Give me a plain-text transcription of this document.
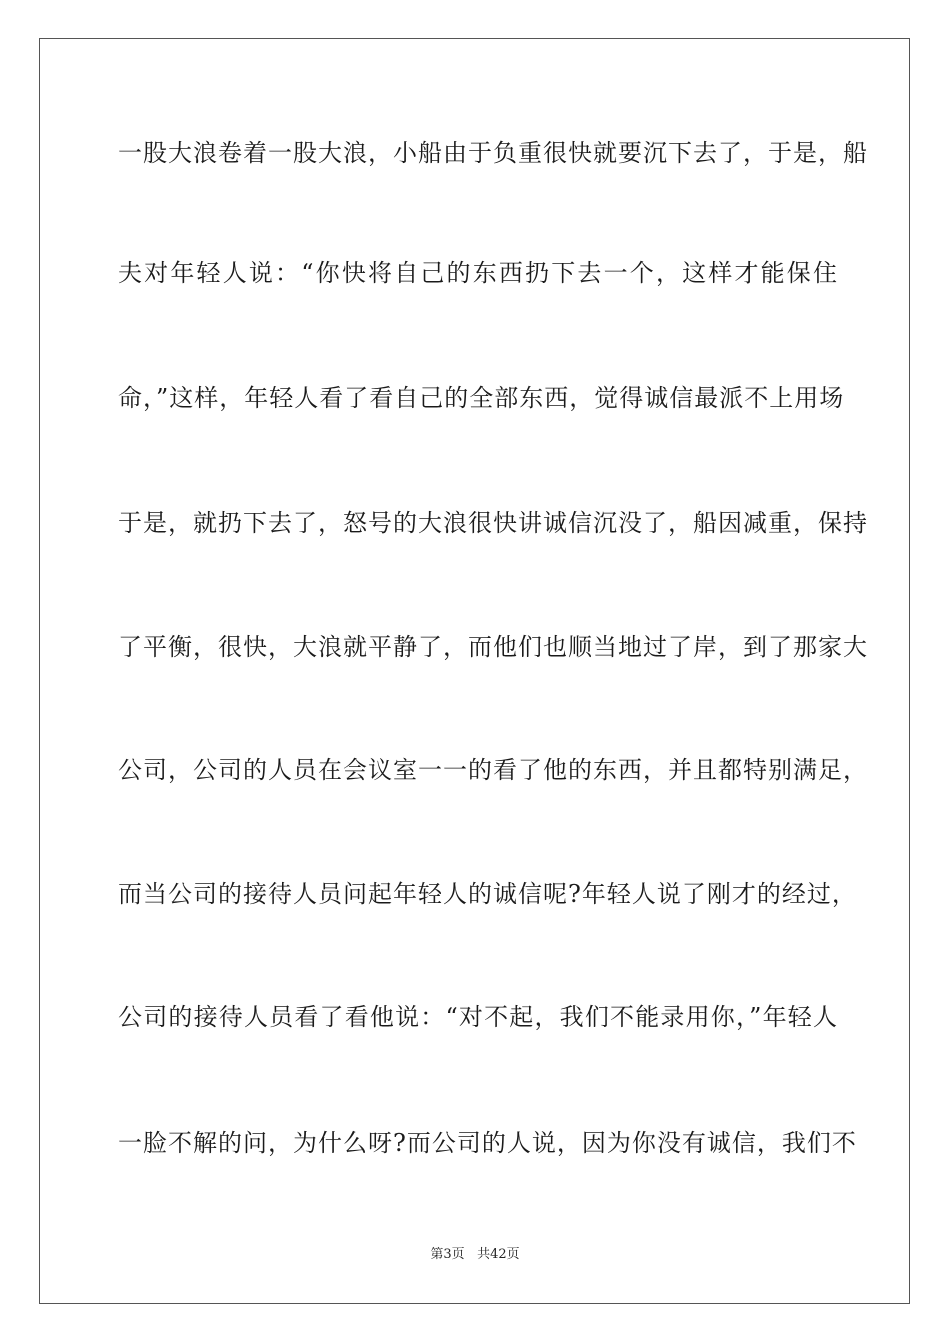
一股大浪卷着一股大浪，小船由于负重很快就要沉下去了，于是，船
夫对年轻人说：“你快将自己的东西扔下去一个，这样才能保住
命，”这样，年轻人看了看自己的全部东西，觉得诚信最派不上用场
于是，就扔下去了，怒号的大浪很快讲诚信沉没了，船因减重，保持
了平衡，很快，大浪就平静了，而他们也顺当地过了岸，到了那家大
公司，公司的人员在会议室一一的看了他的东西，并且都特别满足，
而当公司的接待人员问起年轻人的诚信呢?年轻人说了刚才的经过，
公司的接待人员看了看他说：“对不起，我们不能录用你，”年轻人
一脸不解的问，为什么呀?而公司的人说，因为你没有诚信，我们不
第3页 共42页
